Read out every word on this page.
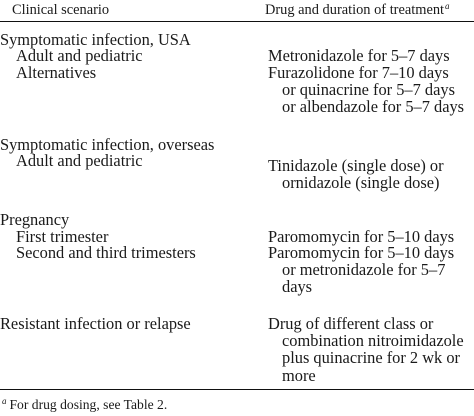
Clinical scenario	Drug and duration of treatment$^a$
Symptomatic infection, USA
Adult and pediatric	Metronidazole for 5–7 days
Alternatives	Furazolidone for 7–10 days
or quinacrine for 5–7 days
or albendazole for 5–7 days
Symptomatic infection, overseas
Adult and pediatric	Tinidazole (single dose) or
ornidazole (single dose)
Pregnancy
First trimester	Paromomycin for 5–10 days
Second and third trimesters	Paromomycin for 5–10 days
or metronidazole for 5–7
days
Resistant infection or relapse	Drug of different class or
combination nitroimidazole
plus quinacrine for 2 wk or
more
$^a$ For drug dosing, see Table 2.
